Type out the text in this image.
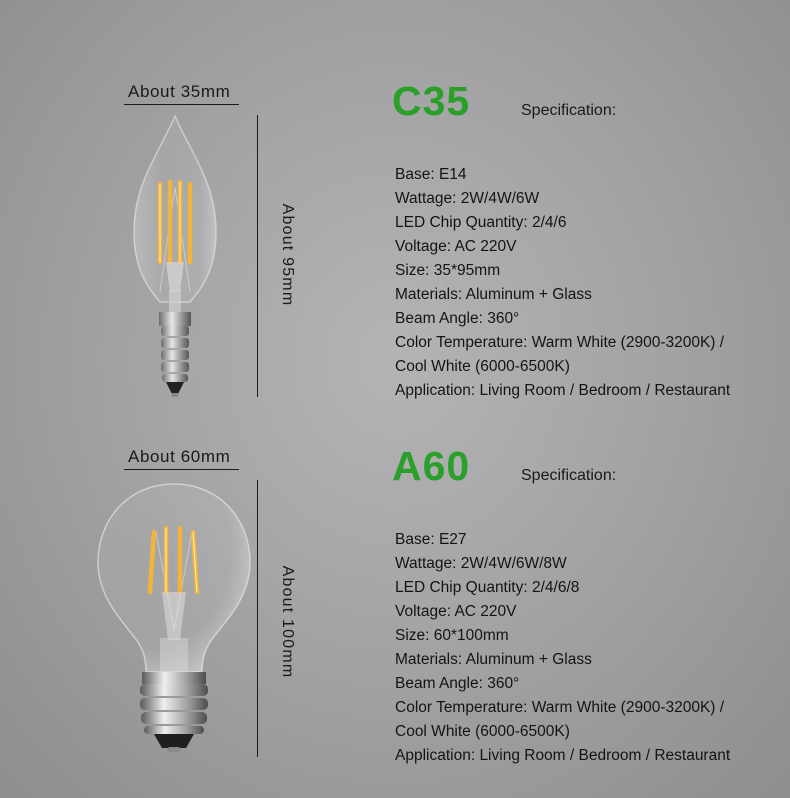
About 35mm
About 95mm
C35	Specification:
Base: E14
Wattage: 2W/4W/6W
LED Chip Quantity: 2/4/6
Voltage: AC 220V
Size: 35*95mm
Materials: Aluminum + Glass
Beam Angle: 360°
Color Temperature: Warm White (2900-3200K) /
Cool White (6000-6500K)
Application: Living Room / Bedroom / Restaurant
About 60mm
About 100mm
A60	Specification:
Base: E27
Wattage: 2W/4W/6W/8W
LED Chip Quantity: 2/4/6/8
Voltage: AC 220V
Size: 60*100mm
Materials: Aluminum + Glass
Beam Angle: 360°
Color Temperature: Warm White (2900-3200K) /
Cool White (6000-6500K)
Application: Living Room / Bedroom / Restaurant
